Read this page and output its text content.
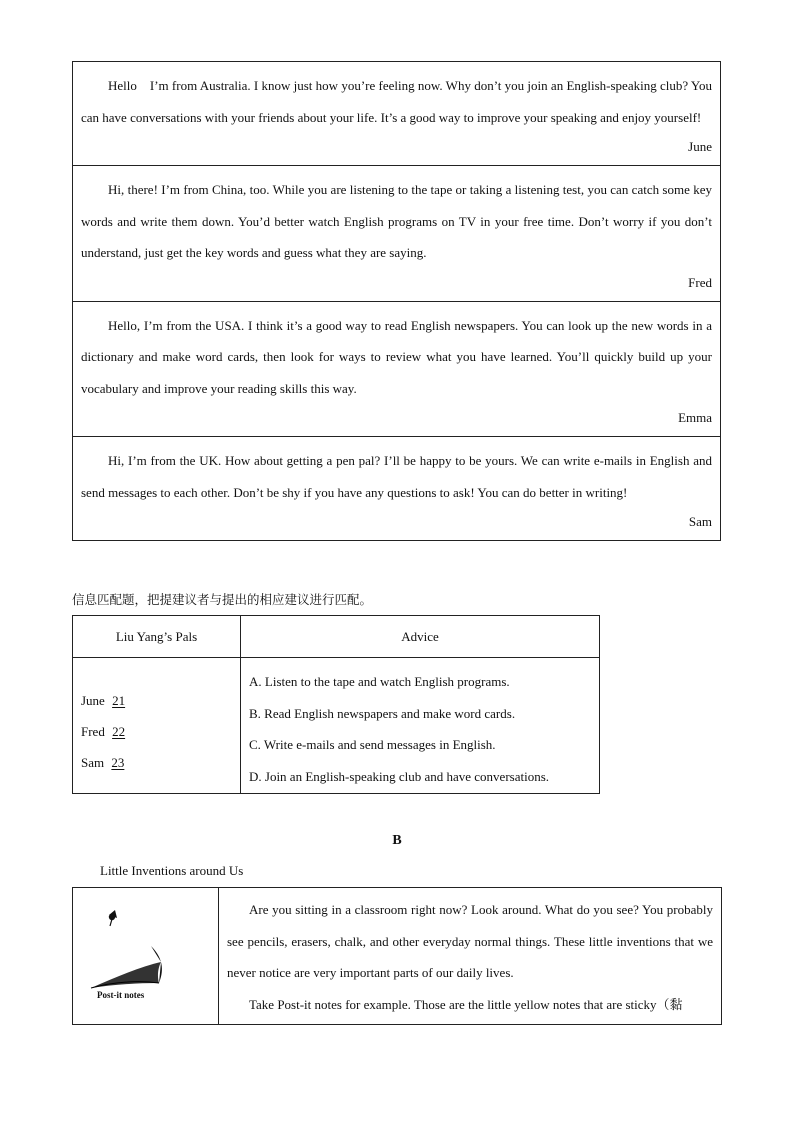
Hello　I’m from Australia. I know just how you’re feeling now. Why don’t you join an English-speaking club? You can have conversations with your friends about your life. It’s a good way to improve your speaking and enjoy yourself!

June

Hi, there! I’m from China, too. While you are listening to the tape or taking a listening test, you can catch some key words and write them down. You’d better watch English programs on TV in your free time. Don’t worry if you don’t understand, just get the key words and guess what they are saying.

Fred

Hello, I’m from the USA. I think it’s a good way to read English newspapers. You can look up the new words in a dictionary and make word cards, then look for ways to review what you have learned. You’ll quickly build up your vocabulary and improve your reading skills this way.

Emma

Hi, I’m from the UK. How about getting a pen pal? I’ll be happy to be yours. We can write e-mails in English and send messages to each other. Don’t be shy if you have any questions to ask! You can do better in writing!

Sam
信息匹配题，把提建议者与提出的相应建议进行匹配。
Liu Yang’s Pals	Advice
June 21
Fred 22
Sam 23
A. Listen to the tape and watch English programs.
B. Read English newspapers and make word cards.
C. Write e-mails and send messages in English.
D. Join an English-speaking club and have conversations.
B
Little Inventions around Us
Post-it notes

Are you sitting in a classroom right now? Look around. What do you see? You probably see pencils, erasers, chalk, and other everyday normal things. These little inventions that we never notice are very important parts of our daily lives.

Take Post-it notes for example. Those are the little yellow notes that are sticky（黏
